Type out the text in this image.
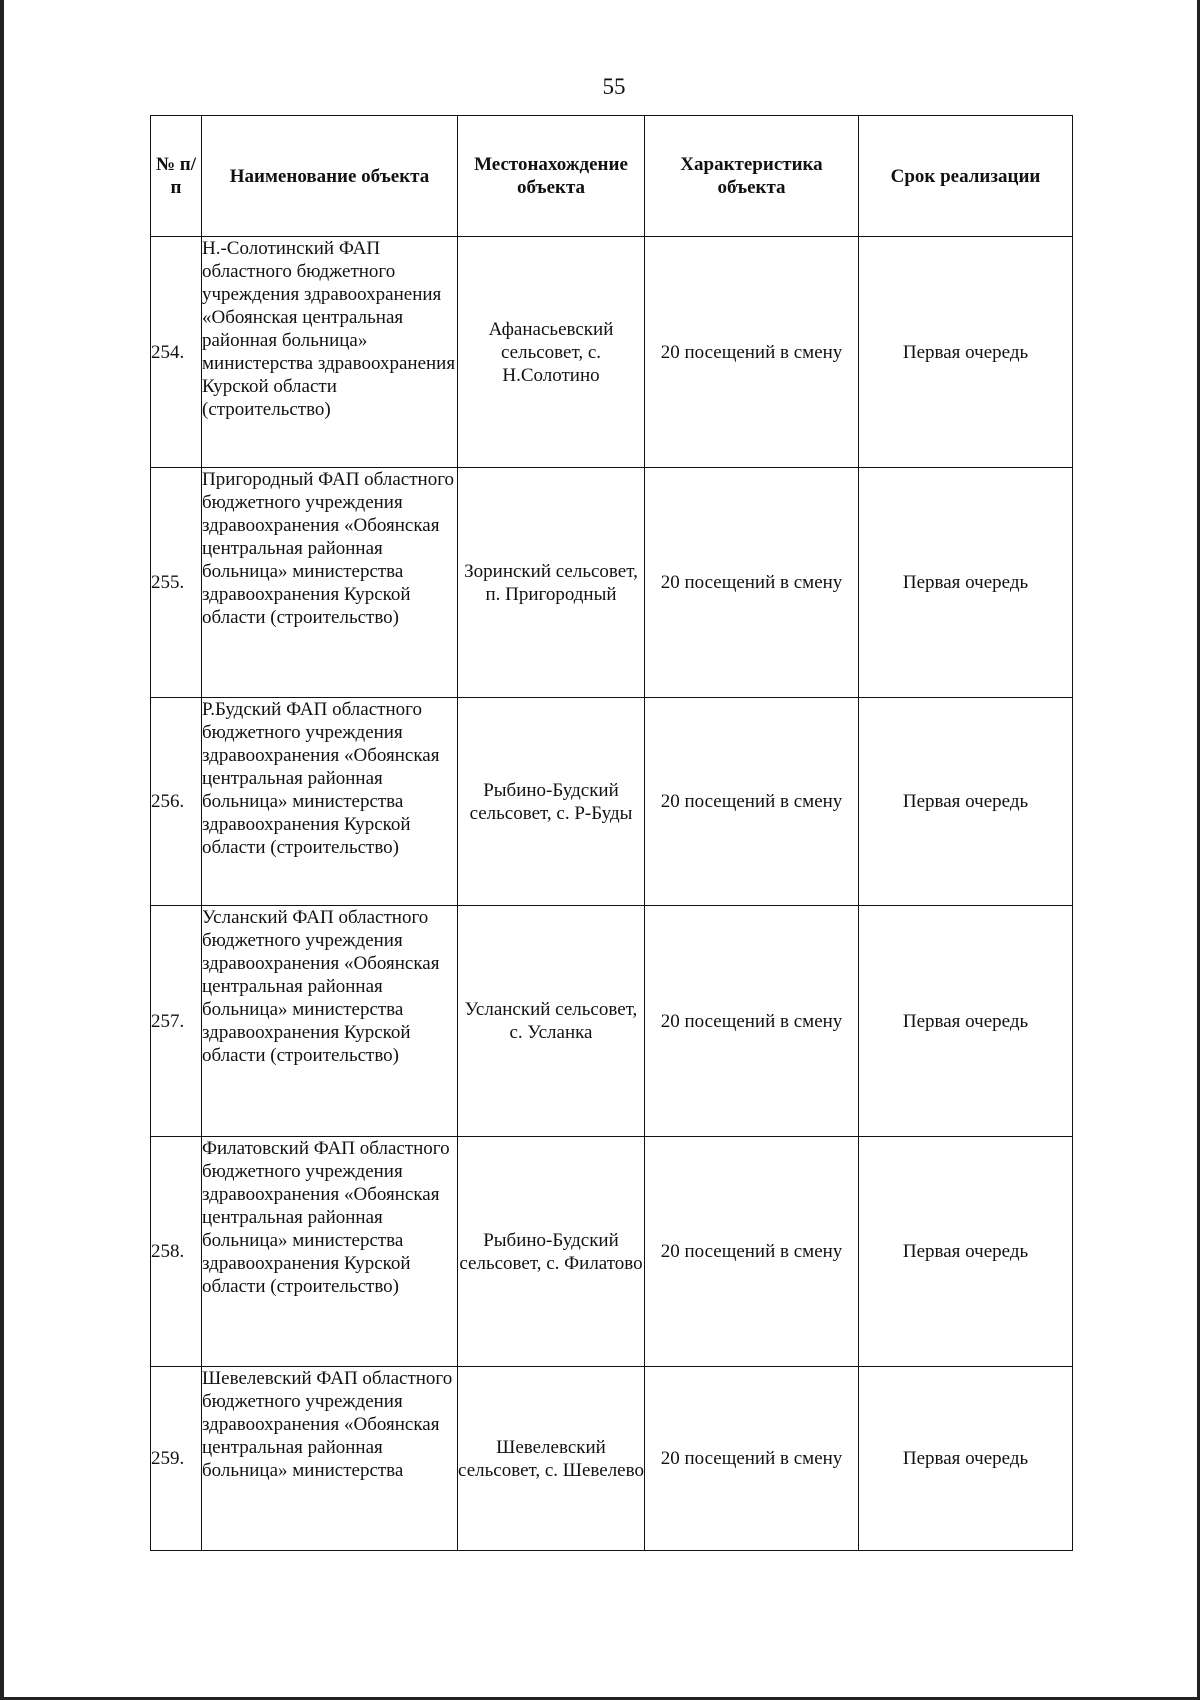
55
№ п/п	Наименование объекта	Местонахождение объекта	Характеристика объекта	Срок реализации
254.	Н.-Солотинский ФАП областного бюджетного учреждения здравоохранения «Обоянская центральная районная больница» министерства здравоохранения Курской области (строительство)	Афанасьевский сельсовет, с. Н.Солотино	20 посещений в смену	Первая очередь
255.	Пригородный ФАП областного бюджетного учреждения здравоохранения «Обоянская центральная районная больница» министерства здравоохранения Курской области (строительство)	Зоринский сельсовет, п. Пригородный	20 посещений в смену	Первая очередь
256.	Р.Будский ФАП областного бюджетного учреждения здравоохранения «Обоянская центральная районная больница» министерства здравоохранения Курской области (строительство)	Рыбино-Будский сельсовет, с. Р-Буды	20 посещений в смену	Первая очередь
257.	Усланский ФАП областного бюджетного учреждения здравоохранения «Обоянская центральная районная больница» министерства здравоохранения Курской области (строительство)	Усланский сельсовет, с. Усланка	20 посещений в смену	Первая очередь
258.	Филатовский ФАП областного бюджетного учреждения здравоохранения «Обоянская центральная районная больница» министерства здравоохранения Курской области (строительство)	Рыбино-Будский сельсовет, с. Филатово	20 посещений в смену	Первая очередь
259.	Шевелевский ФАП областного бюджетного учреждения здравоохранения «Обоянская центральная районная больница» министерства	Шевелевский сельсовет, с. Шевелево	20 посещений в смену	Первая очередь
